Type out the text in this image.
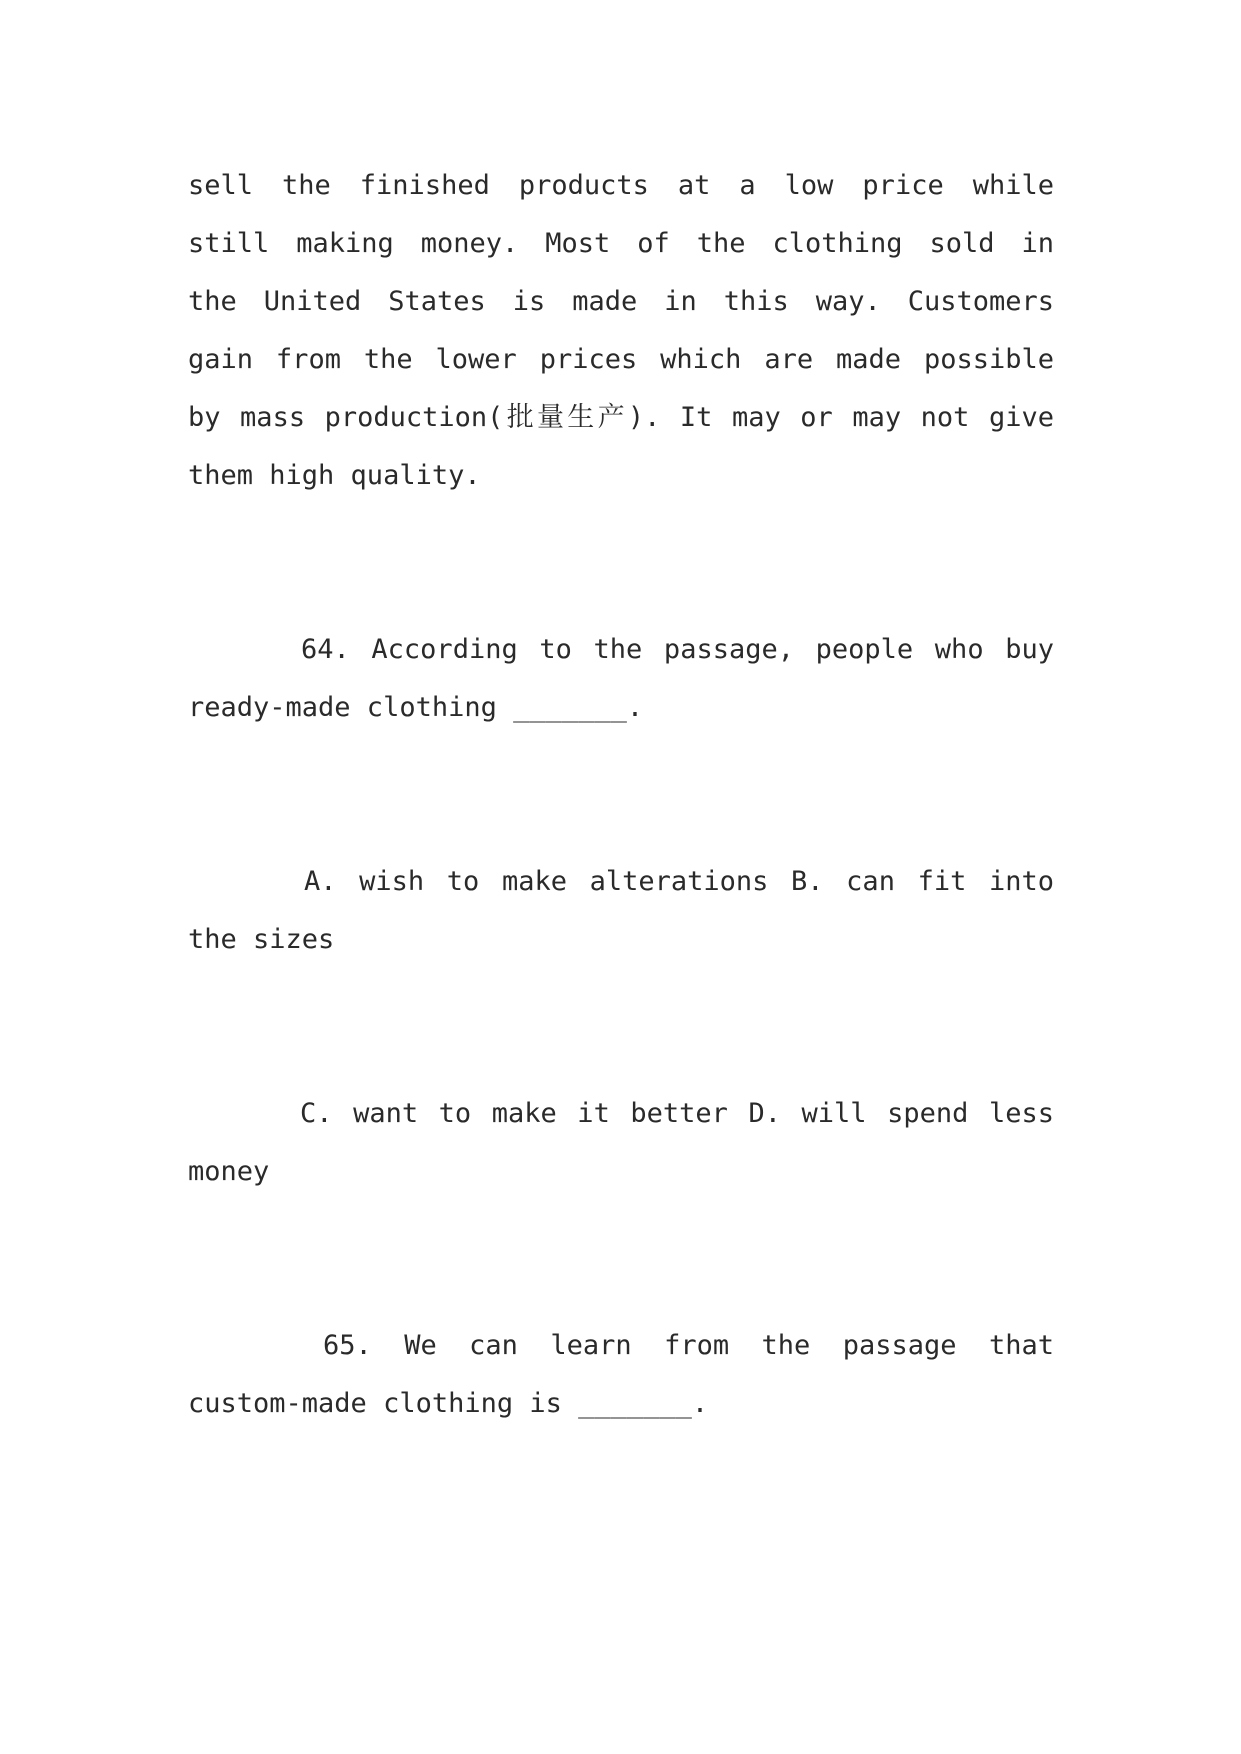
sell the finished products at a low price while
still making money. Most of the clothing sold in
the United States is made in this way. Customers
gain from the lower prices which are made possible
by mass production(批量生产). It may or may not give
them high quality.
64. According to the passage, people who buy
ready-made clothing _______.
A. wish to make alterations B. can fit into
the sizes
C. want to make it better D. will spend less
money
65. We can learn from the passage that
custom-made clothing is _______.
